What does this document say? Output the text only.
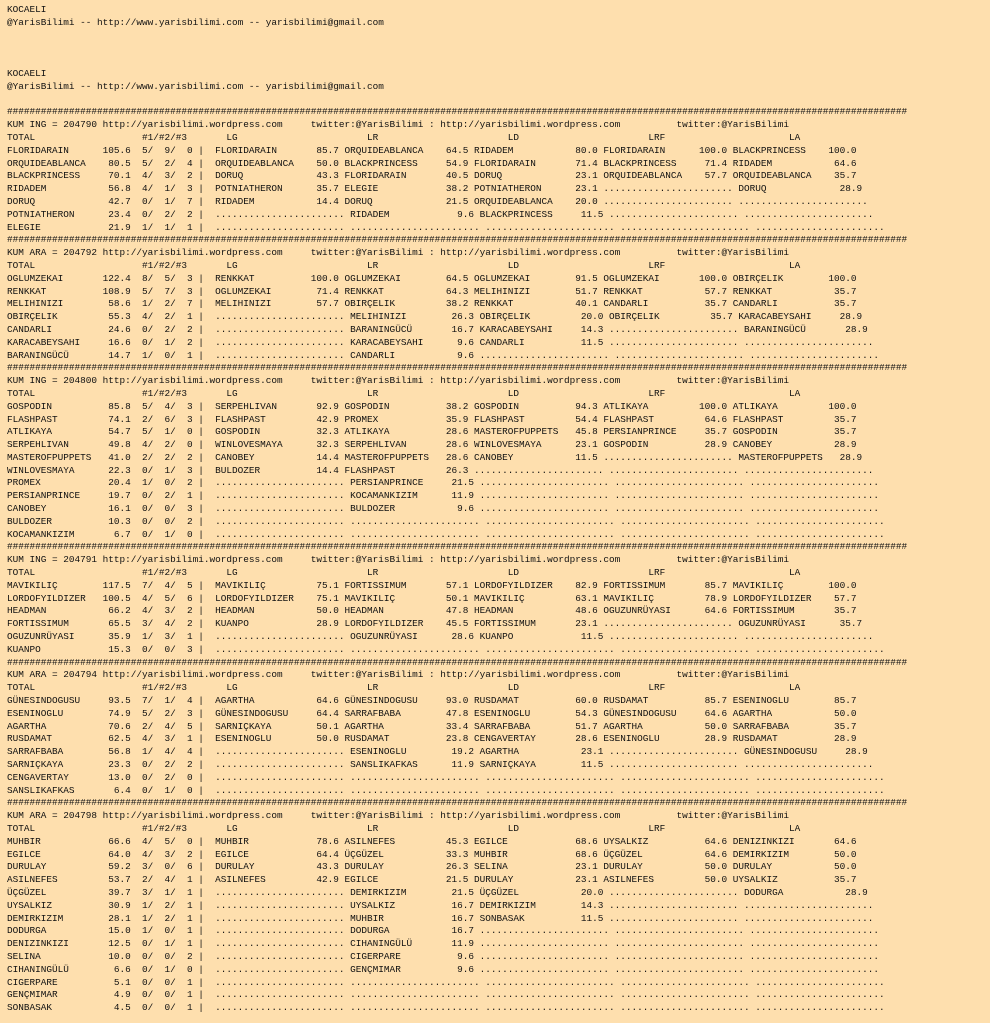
KOCAELI
@YarisBilimi -- http://www.yarisbilimi.com -- yarisbilimi@gmail.com
KOCAELI
@YarisBilimi -- http://www.yarisbilimi.com -- yarisbilimi@gmail.com
################################################################################################################################################################
KUM ING = 204790 http://yarisbilimi.wordpress.com     twitter:@YarisBilimi : http://yarisbilimi.wordpress.com          twitter:@YarisBilimi
TOTAL                   #1/#2/#3       LG                       LR                       LD                       LRF                      LA
FLORIDARAIN      105.6  5/  9/  0 |  FLORIDARAIN       85.7 ORQUIDEABLANCA    64.5 RIDADEM           80.0 FLORIDARAIN      100.0 BLACKPRINCESS    100.0
ORQUIDEABLANCA    80.5  5/  2/  4 |  ORQUIDEABLANCA    50.0 BLACKPRINCESS     54.9 FLORIDARAIN       71.4 BLACKPRINCESS     71.4 RIDADEM           64.6
BLACKPRINCESS     70.1  4/  3/  2 |  DORUQ             43.3 FLORIDARAIN       40.5 DORUQ             23.1 ORQUIDEABLANCA    57.7 ORQUIDEABLANCA    35.7
RIDADEM           56.8  4/  1/  3 |  POTNIATHERON      35.7 ELEGIE            38.2 POTNIATHERON      23.1 ....................... DORUQ             28.9
DORUQ             42.7  0/  1/  7 |  RIDADEM           14.4 DORUQ             21.5 ORQUIDEABLANCA    20.0 ....................... .......................
POTNIATHERON      23.4  0/  2/  2 |  ....................... RIDADEM            9.6 BLACKPRINCESS     11.5 ....................... .......................
ELEGIE            21.9  1/  1/  1 |  ....................... ....................... ....................... ....................... .......................
################################################################################################################################################################
KUM ARA = 204792 http://yarisbilimi.wordpress.com     twitter:@YarisBilimi : http://yarisbilimi.wordpress.com          twitter:@YarisBilimi
TOTAL                   #1/#2/#3       LG                       LR                       LD                       LRF                      LA
OGLUMZEKAI       122.4  8/  5/  3 |  RENKKAT          100.0 OGLUMZEKAI        64.5 OGLUMZEKAI        91.5 OGLUMZEKAI       100.0 OBIRÇELIK        100.0
RENKKAT          108.9  5/  7/  3 |  OGLUMZEKAI        71.4 RENKKAT           64.3 MELIHINIZI        51.7 RENKKAT           57.7 RENKKAT           35.7
MELIHINIZI        58.6  1/  2/  7 |  MELIHINIZI        57.7 OBIRÇELIK         38.2 RENKKAT           40.1 CANDARLI          35.7 CANDARLI          35.7
OBIRÇELIK         55.3  4/  2/  1 |  ....................... MELIHINIZI        26.3 OBIRÇELIK         20.0 OBIRÇELIK         35.7 KARACABEYSAHI     28.9
CANDARLI          24.6  0/  2/  2 |  ....................... BARANINGÜCÜ       16.7 KARACABEYSAHI     14.3 ....................... BARANINGÜCÜ       28.9
KARACABEYSAHI     16.6  0/  1/  2 |  ....................... KARACABEYSAHI      9.6 CANDARLI          11.5 ....................... .......................
BARANINGÜCÜ       14.7  1/  0/  1 |  ....................... CANDARLI           9.6 ....................... ....................... .......................
################################################################################################################################################################
KUM ING = 204800 http://yarisbilimi.wordpress.com     twitter:@YarisBilimi : http://yarisbilimi.wordpress.com          twitter:@YarisBilimi
TOTAL                   #1/#2/#3       LG                       LR                       LD                       LRF                      LA
GOSPODIN          85.8  5/  4/  3 |  SERPEHLIVAN       92.9 GOSPODIN          38.2 GOSPODIN          94.3 ATLIKAYA         100.0 ATLIKAYA         100.0
FLASHPAST         74.1  2/  6/  3 |  FLASHPAST         42.9 PROMEX            35.9 FLASHPAST         54.4 FLASHPAST         64.6 FLASHPAST         35.7
ATLIKAYA          54.7  5/  1/  0 |  GOSPODIN          32.3 ATLIKAYA          28.6 MASTEROFPUPPETS   45.8 PERSIANPRINCE     35.7 GOSPODIN          35.7
SERPEHLIVAN       49.8  4/  2/  0 |  WINLOVESMAYA      32.3 SERPEHLIVAN       28.6 WINLOVESMAYA      23.1 GOSPODIN          28.9 CANOBEY           28.9
MASTEROFPUPPETS   41.0  2/  2/  2 |  CANOBEY           14.4 MASTEROFPUPPETS   28.6 CANOBEY           11.5 ....................... MASTEROFPUPPETS   28.9
WINLOVESMAYA      22.3  0/  1/  3 |  BULDOZER          14.4 FLASHPAST         26.3 ....................... ....................... .......................
PROMEX            20.4  1/  0/  2 |  ....................... PERSIANPRINCE     21.5 ....................... ....................... .......................
PERSIANPRINCE     19.7  0/  2/  1 |  ....................... KOCAMANKIZIM      11.9 ....................... ....................... .......................
CANOBEY           16.1  0/  0/  3 |  ....................... BULDOZER           9.6 ....................... ....................... .......................
BULDOZER          10.3  0/  0/  2 |  ....................... ....................... ....................... ....................... .......................
KOCAMANKIZIM       6.7  0/  1/  0 |  ....................... ....................... ....................... ....................... .......................
################################################################################################################################################################
KUM ING = 204791 http://yarisbilimi.wordpress.com     twitter:@YarisBilimi : http://yarisbilimi.wordpress.com          twitter:@YarisBilimi
TOTAL                   #1/#2/#3       LG                       LR                       LD                       LRF                      LA
MAVIKILIÇ        117.5  7/  4/  5 |  MAVIKILIÇ         75.1 FORTISSIMUM       57.1 LORDOFYILDIZER    82.9 FORTISSIMUM       85.7 MAVIKILIÇ        100.0
LORDOFYILDIZER   100.5  4/  5/  6 |  LORDOFYILDIZER    75.1 MAVIKILIÇ         50.1 MAVIKILIÇ         63.1 MAVIKILIÇ         78.9 LORDOFYILDIZER    57.7
HEADMAN           66.2  4/  3/  2 |  HEADMAN           50.0 HEADMAN           47.8 HEADMAN           48.6 OGUZUNRÜYASI      64.6 FORTISSIMUM       35.7
FORTISSIMUM       65.5  3/  4/  2 |  KUANPO            28.9 LORDOFYILDIZER    45.5 FORTISSIMUM       23.1 ....................... OGUZUNRÜYASI      35.7
OGUZUNRÜYASI      35.9  1/  3/  1 |  ....................... OGUZUNRÜYASI      28.6 KUANPO            11.5 ....................... .......................
KUANPO            15.3  0/  0/  3 |  ....................... ....................... ....................... ....................... .......................
################################################################################################################################################################
KUM ARA = 204794 http://yarisbilimi.wordpress.com     twitter:@YarisBilimi : http://yarisbilimi.wordpress.com          twitter:@YarisBilimi
TOTAL                   #1/#2/#3       LG                       LR                       LD                       LRF                      LA
GÜNESINDOGUSU     93.5  7/  1/  4 |  AGARTHA           64.6 GÜNESINDOGUSU     93.0 RUSDAMAT          60.0 RUSDAMAT          85.7 ESENINOGLU        85.7
ESENINOGLU        74.9  5/  2/  3 |  GÜNESINDOGUSU     64.4 SARRAFBABA        47.8 ESENINOGLU        54.3 GÜNESINDOGUSU     64.6 AGARTHA           50.0
AGARTHA           70.6  2/  4/  5 |  SARNIÇKAYA        50.1 AGARTHA           33.4 SARRAFBABA        51.7 AGARTHA           50.0 SARRAFBABA        35.7
RUSDAMAT          62.5  4/  3/  1 |  ESENINOGLU        50.0 RUSDAMAT          23.8 CENGAVERTAY       28.6 ESENINOGLU        28.9 RUSDAMAT          28.9
SARRAFBABA        56.8  1/  4/  4 |  ....................... ESENINOGLU        19.2 AGARTHA           23.1 ....................... GÜNESINDOGUSU     28.9
SARNIÇKAYA        23.3  0/  2/  2 |  ....................... SANSLIKAFKAS      11.9 SARNIÇKAYA        11.5 ....................... .......................
CENGAVERTAY       13.0  0/  2/  0 |  ....................... ....................... ....................... ....................... .......................
SANSLIKAFKAS       6.4  0/  1/  0 |  ....................... ....................... ....................... ....................... .......................
################################################################################################################################################################
KUM ARA = 204798 http://yarisbilimi.wordpress.com     twitter:@YarisBilimi : http://yarisbilimi.wordpress.com          twitter:@YarisBilimi
TOTAL                   #1/#2/#3       LG                       LR                       LD                       LRF                      LA
MUHBIR            66.6  4/  5/  0 |  MUHBIR            78.6 ASILNEFES         45.3 EGILCE            68.6 UYSALKIZ          64.6 DENIZINKIZI       64.6
EGILCE            64.0  4/  3/  2 |  EGILCE            64.4 ÜÇGÜZEL           33.3 MUHBIR            68.6 ÜÇGÜZEL           64.6 DEMIRKIZIM        50.0
DURULAY           59.2  3/  0/  6 |  DURULAY           43.3 DURULAY           26.3 SELINA            23.1 DURULAY           50.0 DURULAY           50.0
ASILNEFES         53.7  2/  4/  1 |  ASILNEFES         42.9 EGILCE            21.5 DURULAY           23.1 ASILNEFES         50.0 UYSALKIZ          35.7
ÜÇGÜZEL           39.7  3/  1/  1 |  ....................... DEMIRKIZIM        21.5 ÜÇGÜZEL           20.0 ....................... DODURGA           28.9
UYSALKIZ          30.9  1/  2/  1 |  ....................... UYSALKIZ          16.7 DEMIRKIZIM        14.3 ....................... .......................
DEMIRKIZIM        28.1  1/  2/  1 |  ....................... MUHBIR            16.7 SONBASAK          11.5 ....................... .......................
DODURGA           15.0  1/  0/  1 |  ....................... DODURGA           16.7 ....................... ....................... .......................
DENIZINKIZI       12.5  0/  1/  1 |  ....................... CIHANINGÜLÜ       11.9 ....................... ....................... .......................
SELINA            10.0  0/  0/  2 |  ....................... CIGERPARE          9.6 ....................... ....................... .......................
CIHANINGÜLÜ        6.6  0/  1/  0 |  ....................... GENÇMIMAR          9.6 ....................... ....................... .......................
CIGERPARE          5.1  0/  0/  1 |  ....................... ....................... ....................... ....................... .......................
GENÇMIMAR          4.9  0/  0/  1 |  ....................... ....................... ....................... ....................... .......................
SONBASAK           4.5  0/  0/  1 |  ....................... ....................... ....................... ....................... .......................
